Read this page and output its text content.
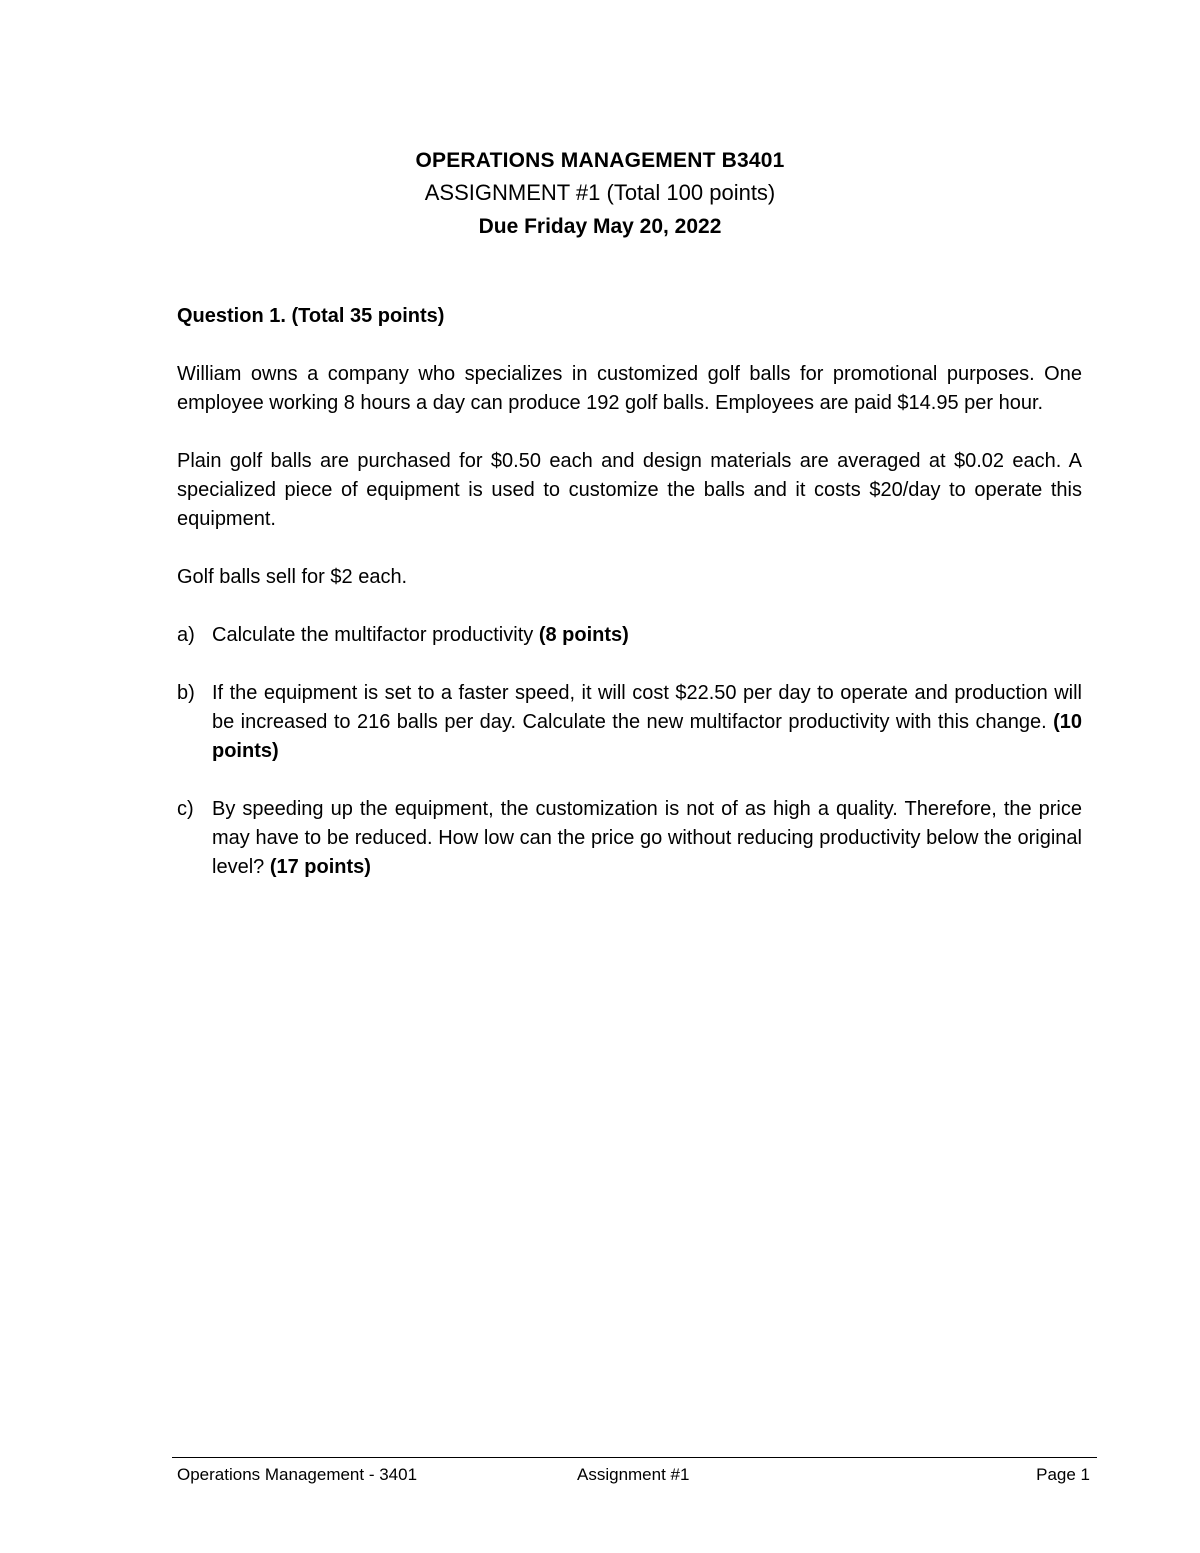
OPERATIONS MANAGEMENT B3401
ASSIGNMENT #1 (Total 100 points)
Due Friday May 20, 2022
Question 1. (Total 35 points)
William owns a company who specializes in customized golf balls for promotional purposes. One employee working 8 hours a day can produce 192 golf balls. Employees are paid $14.95 per hour.
Plain golf balls are purchased for $0.50 each and design materials are averaged at $0.02 each. A specialized piece of equipment is used to customize the balls and it costs $20/day to operate this equipment.
Golf balls sell for $2 each.
a) Calculate the multifactor productivity (8 points)
b) If the equipment is set to a faster speed, it will cost $22.50 per day to operate and production will be increased to 216 balls per day. Calculate the new multifactor productivity with this change. (10 points)
c) By speeding up the equipment, the customization is not of as high a quality. Therefore, the price may have to be reduced. How low can the price go without reducing productivity below the original level? (17 points)
Operations Management - 3401	Assignment #1	Page 1
